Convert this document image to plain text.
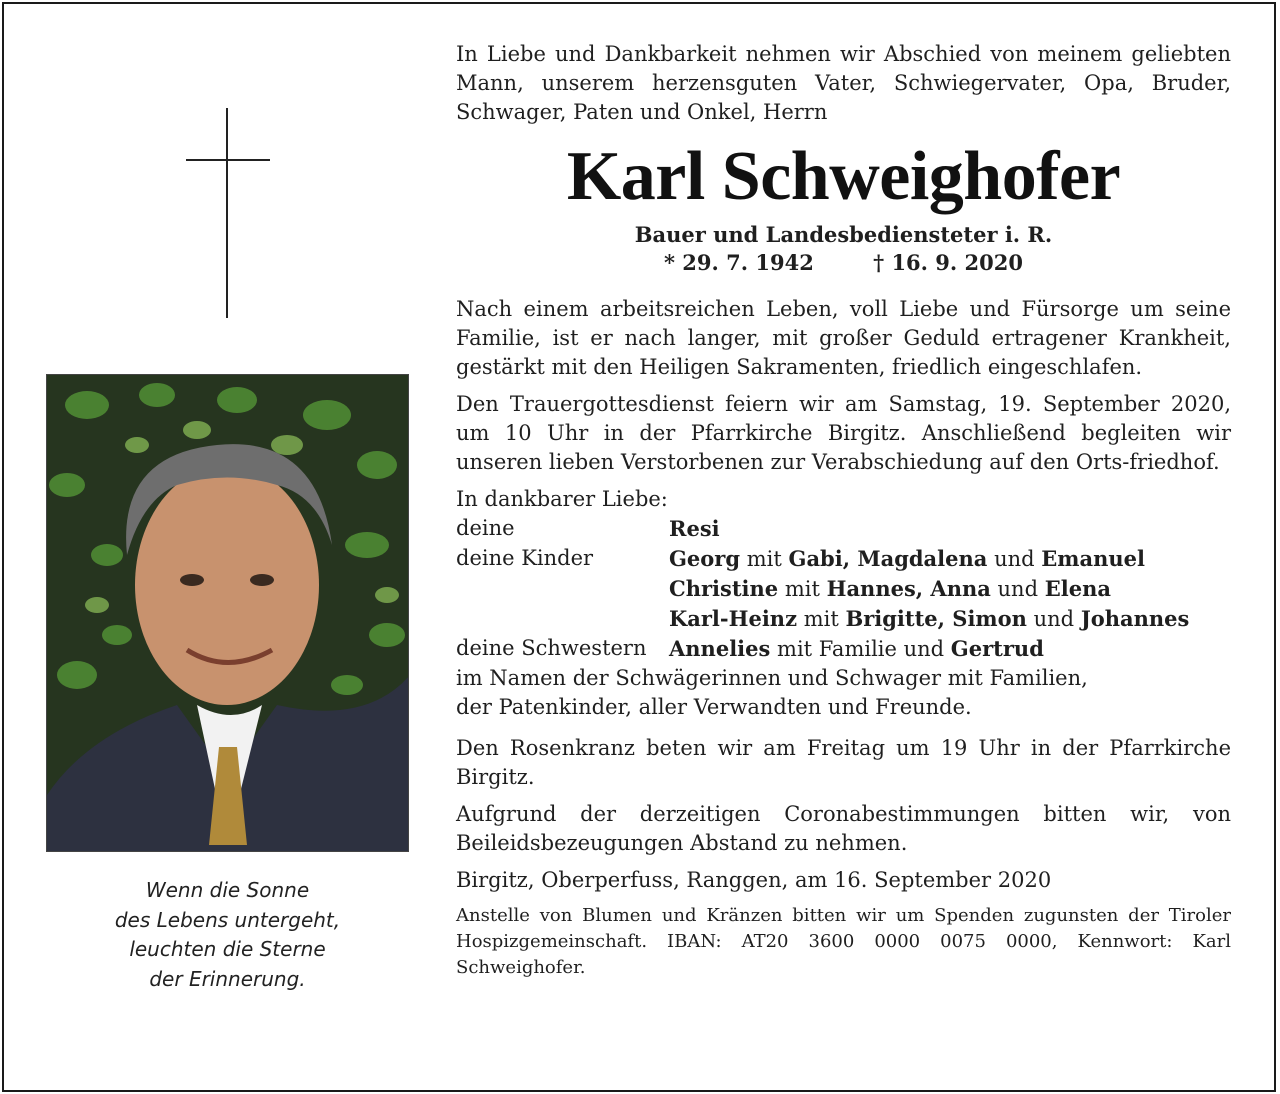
Wenn die Sonne
des Lebens untergeht,
leuchten die Sterne
der Erinnerung.
In Liebe und Dankbarkeit nehmen wir Abschied von meinem geliebten Mann, unserem herzensguten Vater, Schwiegervater, Opa, Bruder, Schwager, Paten und Onkel, Herrn
Karl Schweighofer
Bauer und Landesbediensteter i. R.
* 29. 7. 1942	† 16. 9. 2020
Nach einem arbeitsreichen Leben, voll Liebe und Fürsorge um seine Familie, ist er nach langer, mit großer Geduld ertragener Krankheit, gestärkt mit den Heiligen Sakramenten, friedlich eingeschlafen.
Den Trauergottesdienst feiern wir am Samstag, 19. September 2020, um 10 Uhr in der Pfarrkirche Birgitz. Anschließend begleiten wir unseren lieben Verstorbenen zur Verabschiedung auf den Orts-friedhof.
In dankbarer Liebe:
deine	Resi
deine Kinder	Georg mit Gabi, Magdalena und Emanuel
Christine mit Hannes, Anna und Elena
Karl-Heinz mit Brigitte, Simon und Johannes
deine Schwestern	Annelies mit Familie und Gertrud
im Namen der Schwägerinnen und Schwager mit Familien,
der Patenkinder, aller Verwandten und Freunde.
Den Rosenkranz beten wir am Freitag um 19 Uhr in der Pfarrkirche Birgitz.
Aufgrund der derzeitigen Coronabestimmungen bitten wir, von Beileidsbezeugungen Abstand zu nehmen.
Birgitz, Oberperfuss, Ranggen, am 16. September 2020
Anstelle von Blumen und Kränzen bitten wir um Spenden zugunsten der Tiroler Hospizgemeinschaft. IBAN: AT20 3600 0000 0075 0000, Kennwort: Karl Schweighofer.
